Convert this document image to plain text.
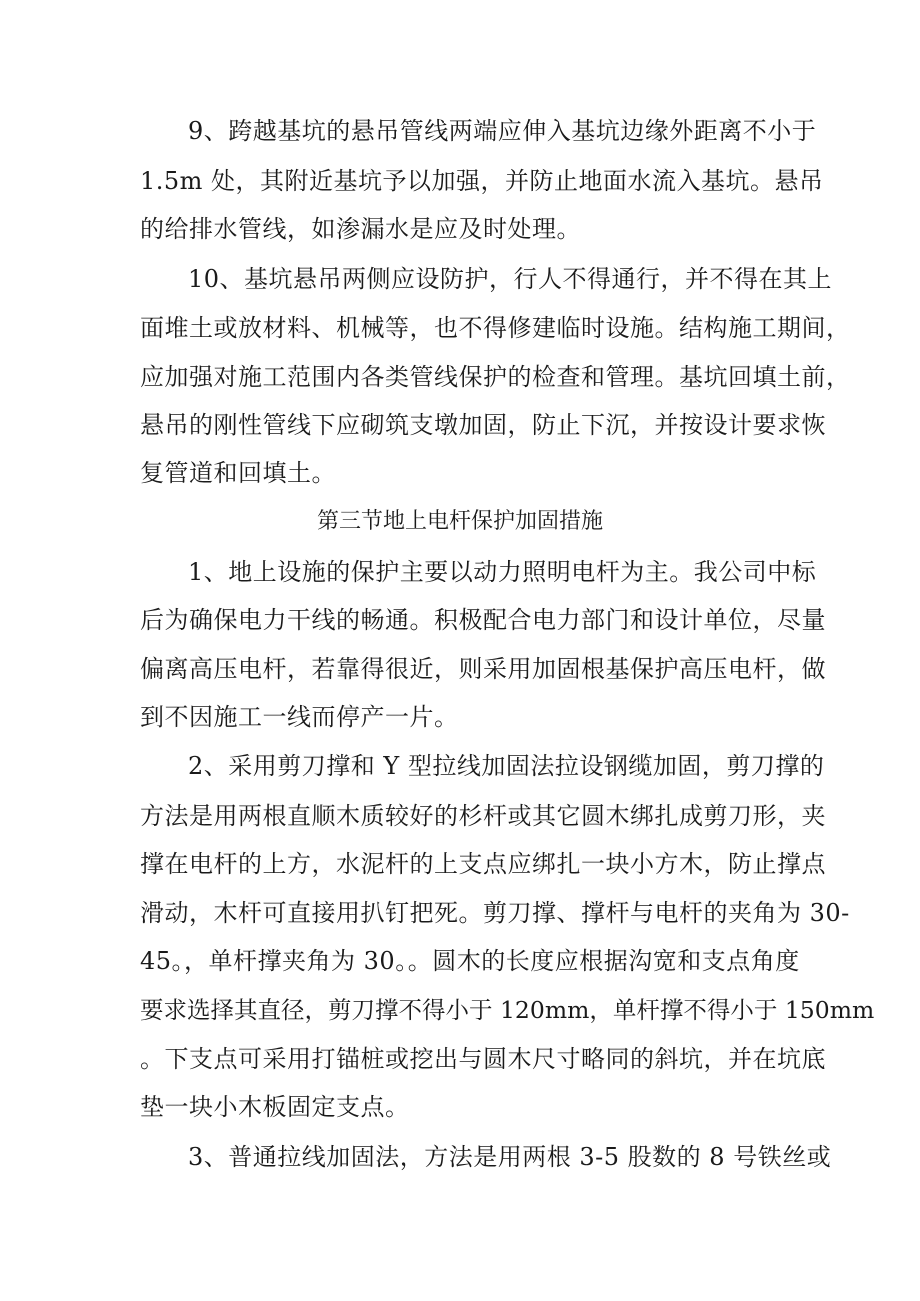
9、跨越基坑的悬吊管线两端应伸入基坑边缘外距离不小于
1.5m 处，其附近基坑予以加强，并防止地面水流入基坑。悬吊
的给排水管线，如渗漏水是应及时处理。
10、基坑悬吊两侧应设防护，行人不得通行，并不得在其上
面堆土或放材料、机械等，也不得修建临时设施。结构施工期间，
应加强对施工范围内各类管线保护的检查和管理。基坑回填土前，
悬吊的刚性管线下应砌筑支墩加固，防止下沉，并按设计要求恢
复管道和回填土。
第三节地上电杆保护加固措施
1、地上设施的保护主要以动力照明电杆为主。我公司中标
后为确保电力干线的畅通。积极配合电力部门和设计单位，尽量
偏离高压电杆，若靠得很近，则采用加固根基保护高压电杆，做
到不因施工一线而停产一片。
2、采用剪刀撑和 Y 型拉线加固法拉设钢缆加固，剪刀撑的
方法是用两根直顺木质较好的杉杆或其它圆木绑扎成剪刀形，夹
撑在电杆的上方，水泥杆的上支点应绑扎一块小方木，防止撑点
滑动，木杆可直接用扒钉把死。剪刀撑、撑杆与电杆的夹角为 30-
45。，单杆撑夹角为 30。。圆木的长度应根据沟宽和支点角度
要求选择其直径，剪刀撑不得小于 120mm，单杆撑不得小于 150mm
。下支点可采用打锚桩或挖出与圆木尺寸略同的斜坑，并在坑底
垫一块小木板固定支点。
3、普通拉线加固法，方法是用两根 3-5 股数的 8 号铁丝或
